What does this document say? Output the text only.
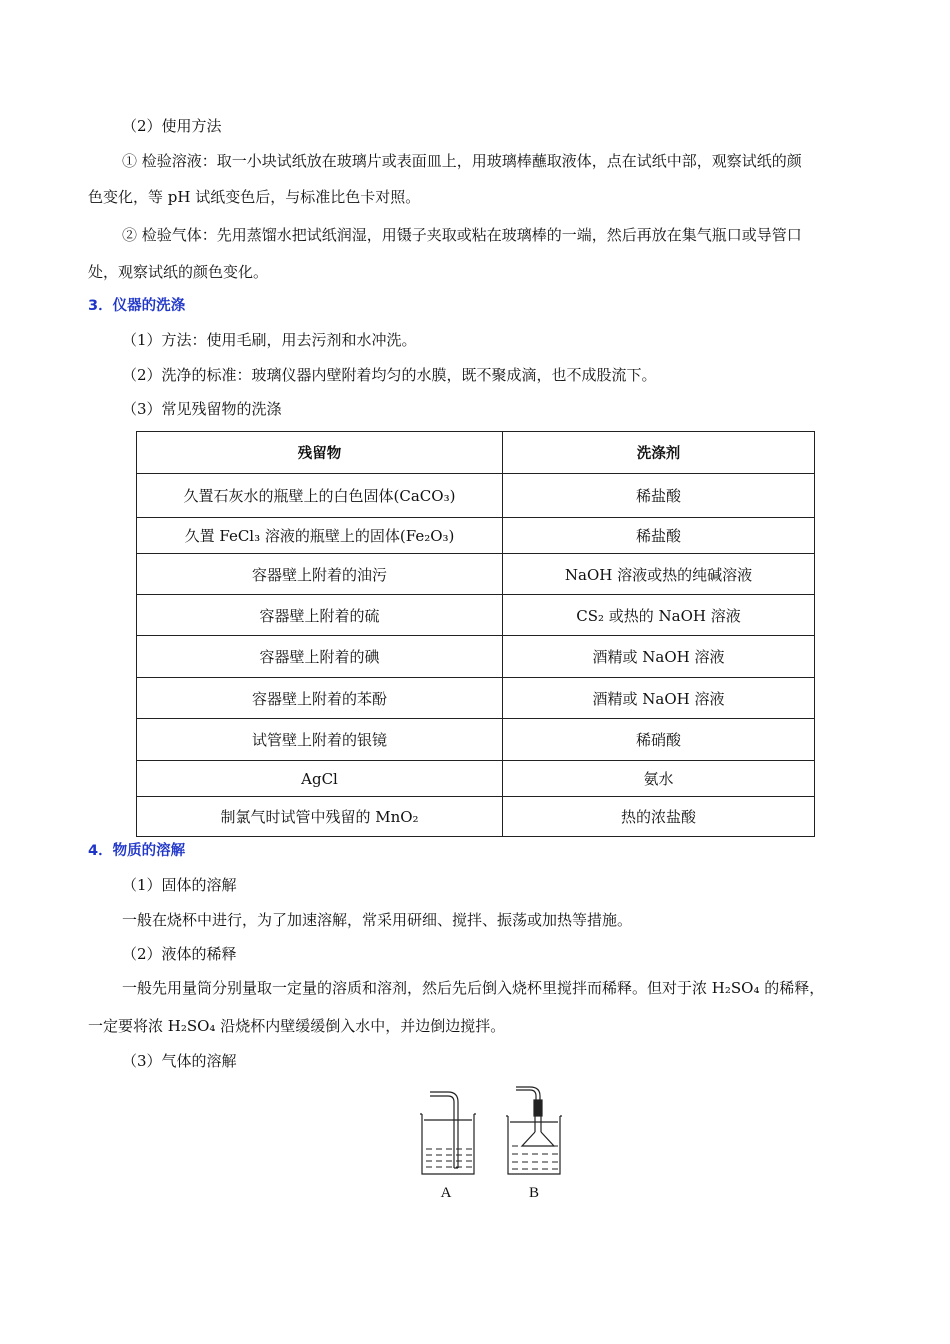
（2）使用方法
① 检验溶液：取一小块试纸放在玻璃片或表面皿上，用玻璃棒蘸取液体，点在试纸中部，观察试纸的颜
色变化，等 pH 试纸变色后，与标准比色卡对照。
② 检验气体：先用蒸馏水把试纸润湿，用镊子夹取或粘在玻璃棒的一端，然后再放在集气瓶口或导管口
处，观察试纸的颜色变化。
3．仪器的洗涤
（1）方法：使用毛刷，用去污剂和水冲洗。
（2）洗净的标准：玻璃仪器内壁附着均匀的水膜，既不聚成滴，也不成股流下。
（3）常见残留物的洗涤
残留物	洗涤剂
久置石灰水的瓶壁上的白色固体(CaCO₃)	稀盐酸
久置 FeCl₃ 溶液的瓶壁上的固体(Fe₂O₃)	稀盐酸
容器壁上附着的油污	NaOH 溶液或热的纯碱溶液
容器壁上附着的硫	CS₂ 或热的 NaOH 溶液
容器壁上附着的碘	酒精或 NaOH 溶液
容器壁上附着的苯酚	酒精或 NaOH 溶液
试管壁上附着的银镜	稀硝酸
AgCl	氨水
制氯气时试管中残留的 MnO₂	热的浓盐酸
4．物质的溶解
（1）固体的溶解
一般在烧杯中进行，为了加速溶解，常采用研细、搅拌、振荡或加热等措施。
（2）液体的稀释
一般先用量筒分别量取一定量的溶质和溶剂，然后先后倒入烧杯里搅拌而稀释。但对于浓 H₂SO₄ 的稀释，
一定要将浓 H₂SO₄ 沿烧杯内壁缓缓倒入水中，并边倒边搅拌。
（3）气体的溶解
A	B
